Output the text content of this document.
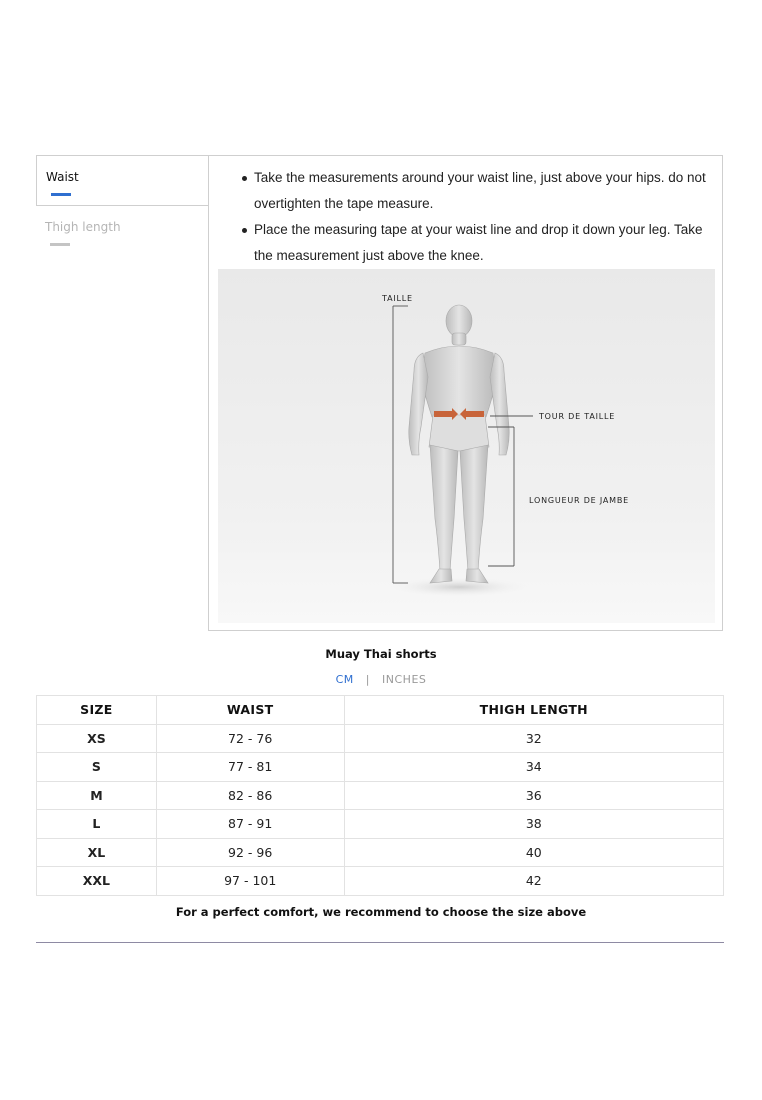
Waist
Thigh length
Take the measurements around your waist line, just above your hips. do not overtighten the tape measure.
Place the measuring tape at your waist line and drop it down your leg. Take the measurement just above the knee.
TAILLE
TOUR DE TAILLE
LONGUEUR DE JAMBE
Muay Thai shorts
CM | INCHES
SIZE	WAIST	THIGH LENGTH
XS	72 - 76	32
S	77 - 81	34
M	82 - 86	36
L	87 - 91	38
XL	92 - 96	40
XXL	97 - 101	42
For a perfect comfort, we recommend to choose the size above
